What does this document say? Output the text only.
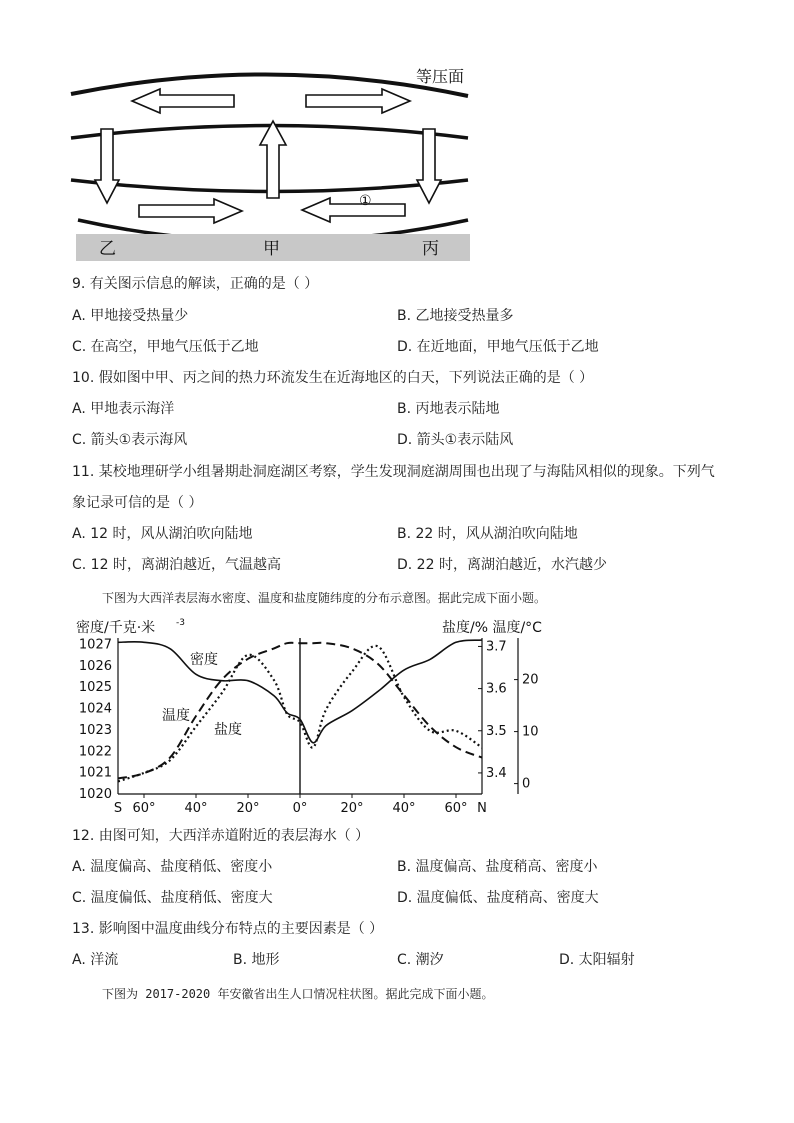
等压面
①
乙	甲	丙
9. 有关图示信息的解读，正确的是（ ）
A. 甲地接受热量少	B. 乙地接受热量多
C. 在高空，甲地气压低于乙地	D. 在近地面，甲地气压低于乙地
10. 假如图中甲、丙之间的热力环流发生在近海地区的白天，下列说法正确的是（ ）
A. 甲地表示海洋	B. 丙地表示陆地
C. 箭头①表示海风	D. 箭头①表示陆风
11. 某校地理研学小组暑期赴洞庭湖区考察，学生发现洞庭湖周围也出现了与海陆风相似的现象。下列气
象记录可信的是（ ）
A. 12 时，风从湖泊吹向陆地	B. 22 时，风从湖泊吹向陆地
C. 12 时，离湖泊越近，气温越高	D. 22 时，离湖泊越近，水汽越少
下图为大西洋表层海水密度、温度和盐度随纬度的分布示意图。据此完成下面小题。
密度/千克·米 -3	盐度/% 温度/°C
1020
1021
1022
1023
1024
1025
1026
1027
3.4
3.5
3.6
3.7
0
10
20
S 60° 40° 20°	0°	20° 40° 60° N
密度
温度
盐度
12. 由图可知，大西洋赤道附近的表层海水（ ）
A. 温度偏高、盐度稍低、密度小	B. 温度偏高、盐度稍高、密度小
C. 温度偏低、盐度稍低、密度大	D. 温度偏低、盐度稍高、密度大
13. 影响图中温度曲线分布特点的主要因素是（ ）
A. 洋流	B. 地形	C. 潮汐	D. 太阳辐射
下图为 2017-2020 年安徽省出生人口情况柱状图。据此完成下面小题。
